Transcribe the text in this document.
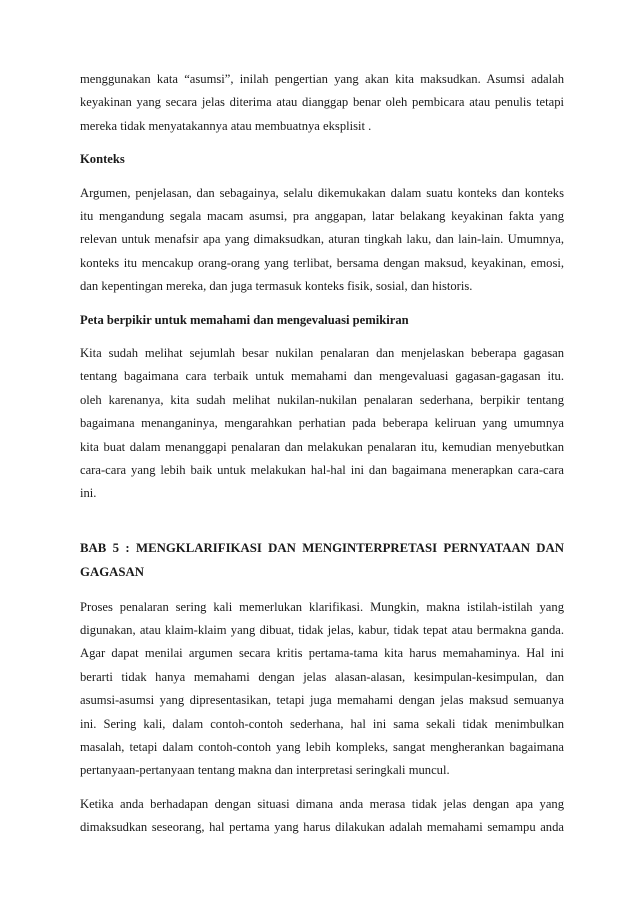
menggunakan kata “asumsi”, inilah pengertian yang akan kita maksudkan. Asumsi adalah
keyakinan yang secara jelas diterima atau dianggap benar oleh pembicara atau penulis tetapi
mereka tidak menyatakannya atau membuatnya eksplisit .
Konteks
Argumen, penjelasan, dan sebagainya, selalu dikemukakan dalam suatu konteks dan konteks
itu mengandung segala macam asumsi, pra anggapan, latar belakang keyakinan fakta yang
relevan untuk menafsir apa yang dimaksudkan, aturan tingkah laku, dan lain-lain. Umumnya,
konteks itu mencakup orang-orang yang terlibat, bersama dengan maksud, keyakinan, emosi,
dan kepentingan mereka, dan juga termasuk konteks fisik, sosial, dan historis.
Peta berpikir untuk memahami dan mengevaluasi pemikiran
Kita sudah melihat sejumlah besar nukilan penalaran dan menjelaskan beberapa gagasan
tentang bagaimana cara terbaik untuk memahami dan mengevaluasi gagasan-gagasan itu.
oleh karenanya, kita sudah melihat nukilan-nukilan penalaran sederhana, berpikir tentang
bagaimana menanganinya, mengarahkan perhatian pada beberapa keliruan yang umumnya
kita buat dalam menanggapi penalaran dan melakukan penalaran itu, kemudian menyebutkan
cara-cara yang lebih baik untuk melakukan hal-hal ini dan bagaimana menerapkan cara-cara
ini.
BAB 5 : MENGKLARIFIKASI DAN MENGINTERPRETASI PERNYATAAN DAN
GAGASAN
Proses penalaran sering kali memerlukan klarifikasi. Mungkin, makna istilah-istilah yang
digunakan, atau klaim-klaim yang dibuat, tidak jelas, kabur, tidak tepat atau bermakna ganda.
Agar dapat menilai argumen secara kritis pertama-tama kita harus memahaminya. Hal ini
berarti tidak hanya memahami dengan jelas alasan-alasan, kesimpulan-kesimpulan, dan
asumsi-asumsi yang dipresentasikan, tetapi juga memahami dengan jelas maksud semuanya
ini. Sering kali, dalam contoh-contoh sederhana, hal ini sama sekali tidak menimbulkan
masalah, tetapi dalam contoh-contoh yang lebih kompleks, sangat mengherankan bagaimana
pertanyaan-pertanyaan tentang makna dan interpretasi seringkali muncul.
Ketika anda berhadapan dengan situasi dimana anda merasa tidak jelas dengan apa yang
dimaksudkan seseorang, hal pertama yang harus dilakukan adalah memahami semampu anda
